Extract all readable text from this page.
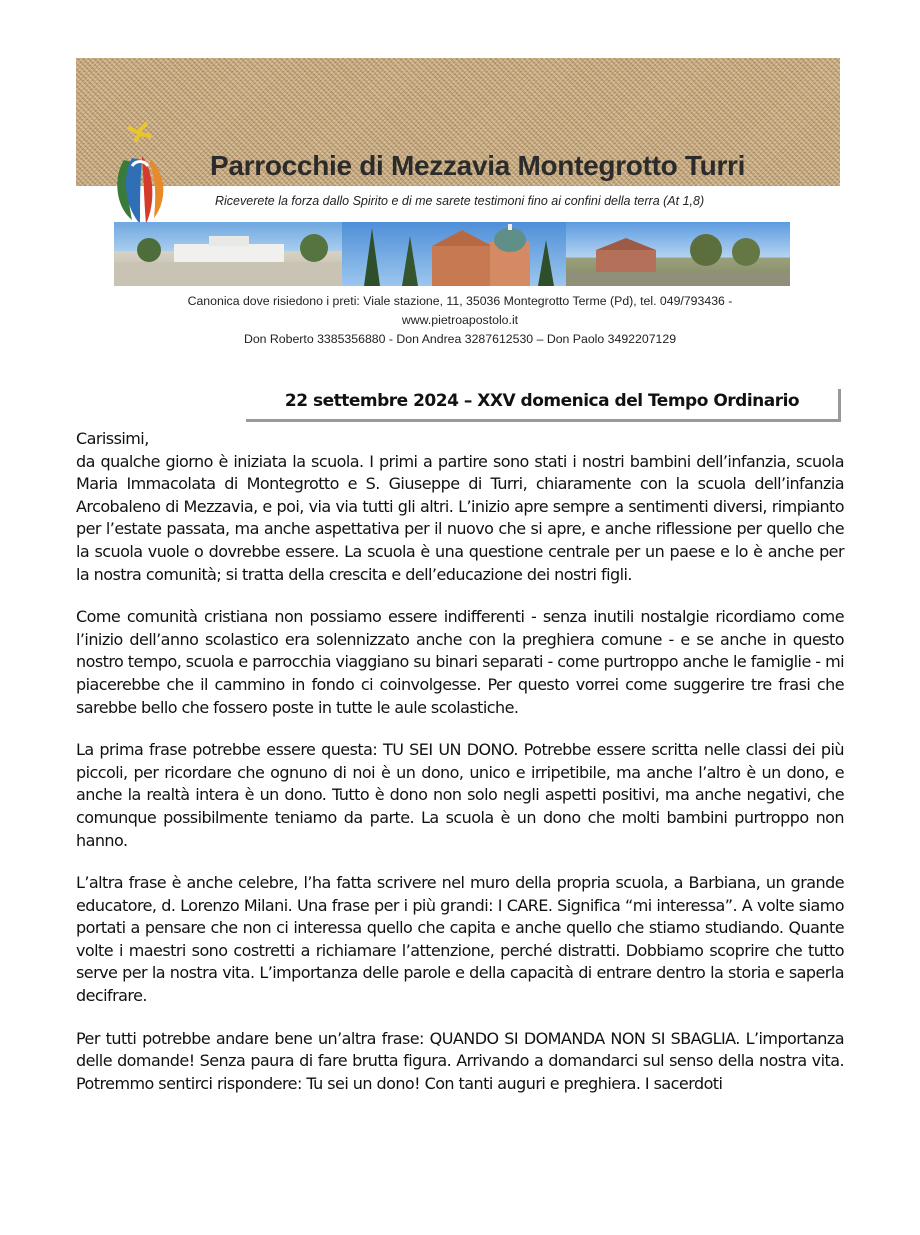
Parrocchie di Mezzavia Montegrotto Turri
Riceverete la forza dallo Spirito e di me sarete testimoni fino ai confini della terra (At 1,8)
Canonica dove risiedono i preti: Viale stazione, 11, 35036 Montegrotto Terme (Pd), tel. 049/793436 -
www.pietroapostolo.it
Don Roberto 3385356880 - Don Andrea 3287612530 – Don Paolo 3492207129
22 settembre 2024 – XXV domenica del Tempo Ordinario

Carissimi,

da qualche giorno è iniziata la scuola. I primi a partire sono stati i nostri bambini dell’infanzia, scuola Maria Immacolata di Montegrotto e S. Giuseppe di Turri, chiaramente con la scuola dell’infanzia Arcobaleno di Mezzavia, e poi, via via tutti gli altri. L’inizio apre sempre a sentimenti diversi, rimpianto per l’estate passata, ma anche aspettativa per il nuovo che si apre, e anche riflessione per quello che la scuola vuole o dovrebbe essere. La scuola è una questione centrale per un paese e lo è anche per la nostra comunità; si tratta della crescita e dell’educazione dei nostri figli.

Come comunità cristiana non possiamo essere indifferenti - senza inutili nostalgie ricordiamo come l’inizio dell’anno scolastico era solennizzato anche con la preghiera comune - e se anche in questo nostro tempo, scuola e parrocchia viaggiano su binari separati - come purtroppo anche le famiglie - mi piacerebbe che il cammino in fondo ci coinvolgesse. Per questo vorrei come suggerire tre frasi che sarebbe bello che fossero poste in tutte le aule scolastiche.

La prima frase potrebbe essere questa: TU SEI UN DONO. Potrebbe essere scritta nelle classi dei più piccoli, per ricordare che ognuno di noi è un dono, unico e irripetibile, ma anche l’altro è un dono, e anche la realtà intera è un dono. Tutto è dono non solo negli aspetti positivi, ma anche negativi, che comunque possibilmente teniamo da parte. La scuola è un dono che molti bambini purtroppo non hanno.

L’altra frase è anche celebre, l’ha fatta scrivere nel muro della propria scuola, a Barbiana, un grande educatore, d. Lorenzo Milani. Una frase per i più grandi: I CARE. Significa “mi interessa”. A volte siamo portati a pensare che non ci interessa quello che capita e anche quello che stiamo studiando. Quante volte i maestri sono costretti a richiamare l’attenzione, perché distratti. Dobbiamo scoprire che tutto serve per la nostra vita. L’importanza delle parole e della capacità di entrare dentro la storia e saperla decifrare.

Per tutti potrebbe andare bene un’altra frase: QUANDO SI DOMANDA NON SI SBAGLIA. L’importanza delle domande! Senza paura di fare brutta figura. Arrivando a domandarci sul senso della nostra vita. Potremmo sentirci rispondere: Tu sei un dono! Con tanti auguri e preghiera. I sacerdoti
